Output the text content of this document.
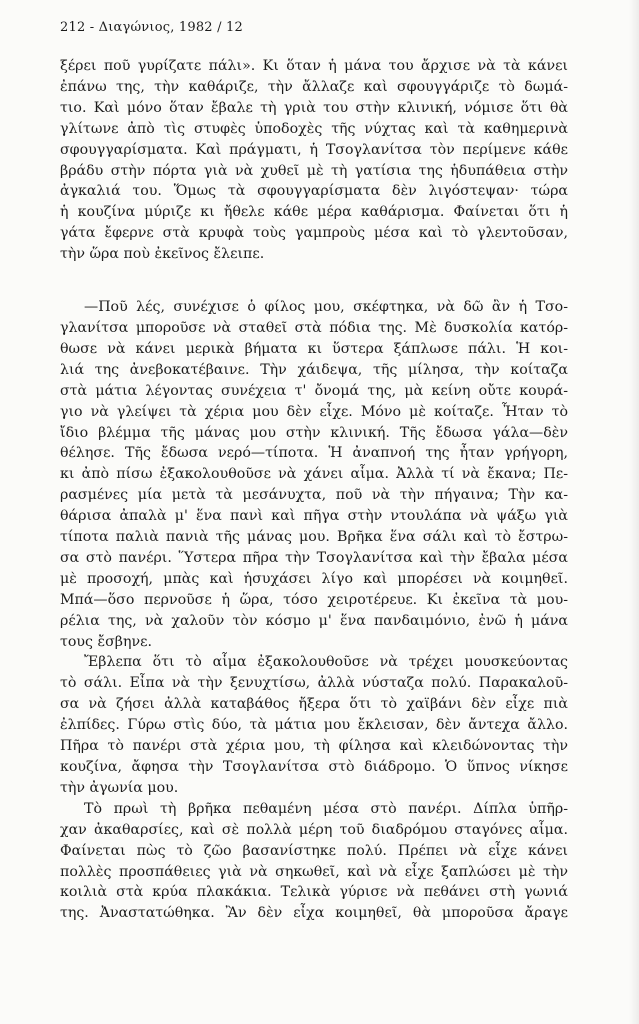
212 - Διαγώνιος, 1982 / 12
ξέρει ποῦ γυρίζατε πάλι». Κι ὅταν ἡ μάνα του ἄρχισε νὰ τὰ κάνει
ἐπάνω της, τὴν καθάριζε, τὴν ἄλλαζε καὶ σφουγγάριζε τὸ δωμά-
τιο. Καὶ μόνο ὅταν ἔβαλε τὴ γριὰ του στὴν κλινική, νόμισε ὅτι θὰ
γλίτωνε ἀπὸ τὶς στυφὲς ὑποδοχὲς τῆς νύχτας καὶ τὰ καθημερινὰ
σφουγγαρίσματα. Καὶ πράγματι, ἡ Τσογλανίτσα τὸν περίμενε κάθε
βράδυ στὴν πόρτα γιὰ νὰ χυθεῖ μὲ τὴ γατίσια της ἡδυπάθεια στὴν
ἀγκαλιά του. Ὅμως τὰ σφουγγαρίσματα δὲν λιγόστεψαν· τώρα
ἡ κουζίνα μύριζε κι ἤθελε κάθε μέρα καθάρισμα. Φαίνεται ὅτι ἡ
γάτα ἔφερνε στὰ κρυφὰ τοὺς γαμπροὺς μέσα καὶ τὸ γλεντοῦσαν,
τὴν ὥρα ποὺ ἐκεῖνος ἔλειπε.
—Ποῦ λές, συνέχισε ὁ φίλος μου, σκέφτηκα, νὰ δῶ ἂν ἡ Τσο-
γλανίτσα μποροῦσε νὰ σταθεῖ στὰ πόδια της. Μὲ δυσκολία κατόρ-
θωσε νὰ κάνει μερικὰ βήματα κι ὕστερα ξάπλωσε πάλι. Ἡ κοι-
λιά της ἀνεβοκατέβαινε. Τὴν χάιδεψα, τῆς μίλησα, τὴν κοίταζα
στὰ μάτια λέγοντας συνέχεια τ' ὄνομά της, μὰ κείνη οὔτε κουρά-
γιο νὰ γλείψει τὰ χέρια μου δὲν εἶχε. Μόνο μὲ κοίταζε. Ἦταν τὸ
ἴδιο βλέμμα τῆς μάνας μου στὴν κλινική. Τῆς ἔδωσα γάλα—δὲν
θέλησε. Τῆς ἔδωσα νερό—τίποτα. Ἡ ἀναπνοή της ἦταν γρήγορη,
κι ἀπὸ πίσω ἐξακολουθοῦσε νὰ χάνει αἷμα. Ἀλλὰ τί νὰ ἔκανα; Πε-
ρασμένες μία μετὰ τὰ μεσάνυχτα, ποῦ νὰ τὴν πήγαινα; Τὴν κα-
θάρισα ἀπαλὰ μ' ἕνα πανὶ καὶ πῆγα στὴν ντουλάπα νὰ ψάξω γιὰ
τίποτα παλιὰ πανιὰ τῆς μάνας μου. Βρῆκα ἕνα σάλι καὶ τὸ ἔστρω-
σα στὸ πανέρι. Ὕστερα πῆρα τὴν Τσογλανίτσα καὶ τὴν ἔβαλα μέσα
μὲ προσοχή, μπὰς καὶ ἡσυχάσει λίγο καὶ μπορέσει νὰ κοιμηθεῖ.
Μπά—ὅσο περνοῦσε ἡ ὥρα, τόσο χειροτέρευε. Κι ἐκεῖνα τὰ μου-
ρέλια της, νὰ χαλοῦν τὸν κόσμο μ' ἕνα πανδαιμόνιο, ἐνῶ ἡ μάνα
τους ἔσβηνε.
Ἔβλεπα ὅτι τὸ αἷμα ἐξακολουθοῦσε νὰ τρέχει μουσκεύοντας
τὸ σάλι. Εἶπα νὰ τὴν ξενυχτίσω, ἀλλὰ νύσταζα πολύ. Παρακαλοῦ-
σα νὰ ζήσει ἀλλὰ καταβάθος ἤξερα ὅτι τὸ χαϊβάνι δὲν εἶχε πιὰ
ἐλπίδες. Γύρω στὶς δύο, τὰ μάτια μου ἔκλεισαν, δὲν ἄντεχα ἄλλο.
Πῆρα τὸ πανέρι στὰ χέρια μου, τὴ φίλησα καὶ κλειδώνοντας τὴν
κουζίνα, ἄφησα τὴν Τσογλανίτσα στὸ διάδρομο. Ὁ ὕπνος νίκησε
τὴν ἀγωνία μου.
Τὸ πρωὶ τὴ βρῆκα πεθαμένη μέσα στὸ πανέρι. Δίπλα ὑπῆρ-
χαν ἀκαθαρσίες, καὶ σὲ πολλὰ μέρη τοῦ διαδρόμου σταγόνες αἷμα.
Φαίνεται πὼς τὸ ζῶο βασανίστηκε πολύ. Πρέπει νὰ εἶχε κάνει
πολλὲς προσπάθειες γιὰ νὰ σηκωθεῖ, καὶ νὰ εἶχε ξαπλώσει μὲ τὴν
κοιλιὰ στὰ κρύα πλακάκια. Τελικὰ γύρισε νὰ πεθάνει στὴ γωνιά
της. Ἀναστατώθηκα. Ἂν δὲν εἶχα κοιμηθεῖ, θὰ μποροῦσα ἄραγε
